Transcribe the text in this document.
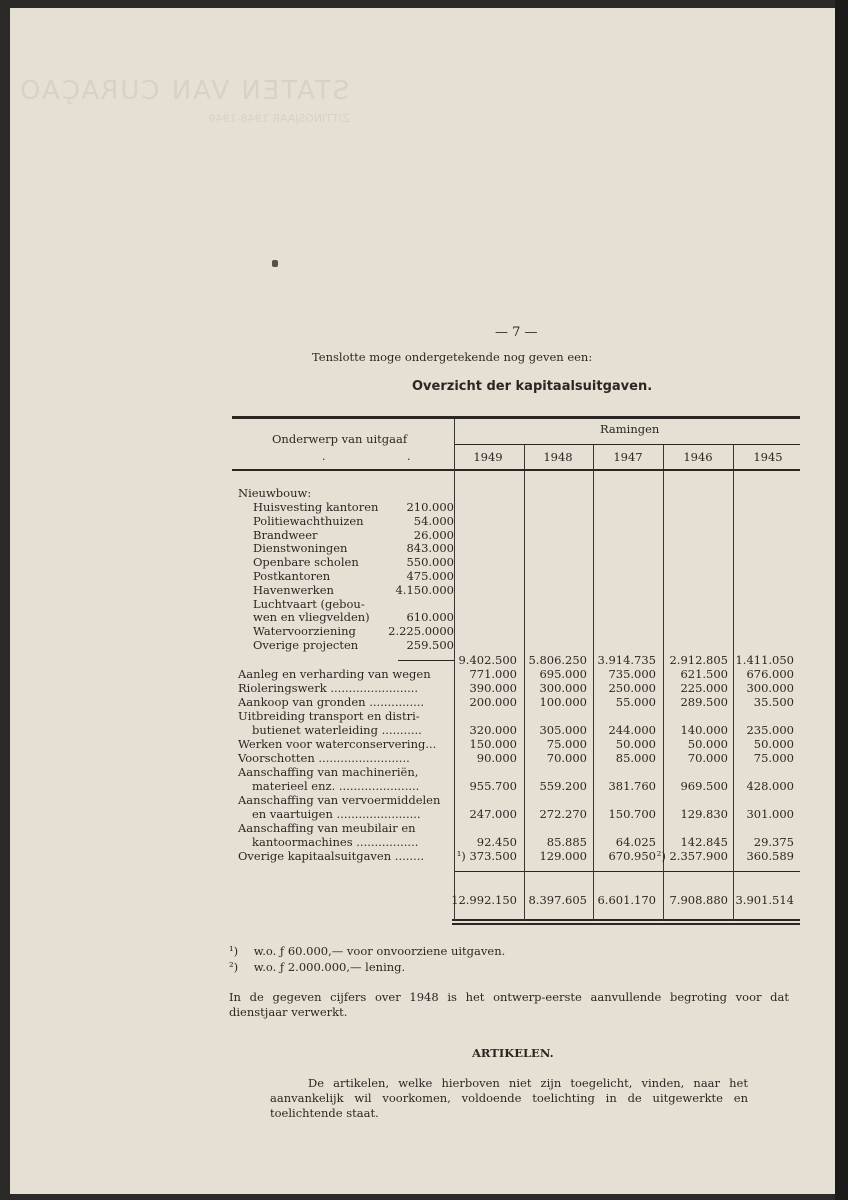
STATEN VAN CURAÇAO
ZITTINGSJAAR 1948-1949
— 7 —
Tenslotte moge ondergetekende nog geven een:
Overzicht der kapitaalsuitgaven.
Onderwerp van uitgaaf
.	.
Ramingen
1949	1948	1947	1946	1945
Nieuwbouw:
Huisvesting kantoren	210.000
Politiewachthuizen	54.000
Brandweer	26.000
Dienstwoningen	843.000
Openbare scholen	550.000
Postkantoren	475.000
Havenwerken	4.150.000
Luchtvaart (gebou-
wen en vliegvelden)	610.000
Watervoorziening	2.225.0000
Overige projecten	259.500
9.402.500 5.806.250 3.914.735 2.912.805 1.411.050
Aanleg en verharding van wegen	771.000 695.000 735.000 621.500 676.000
Rioleringswerk ........................	390.000 300.000 250.000 225.000 300.000
Aankoop van gronden ...............	200.000 100.000	55.000 289.500 35.500
Uitbreiding transport en distri-
butienet waterleiding ...........	320.000 305.000 244.000 140.000 235.000
Werken voor waterconservering...	150.000	75.000	50.000	50.000 50.000
Voorschotten .........................	90.000	70.000	85.000	70.000 75.000
Aanschaffing van machineriën,
materieel enz. ......................	955.700 559.200 381.760 969.500 428.000
Aanschaffing van vervoermiddelen
en vaartuigen .......................	247.000 272.270 150.700 129.830 301.000
Aanschaffing van meubilair en
kantoormachines .................	92.450	85.885	64.025 142.845 29.375
Overige kapitaalsuitgaven ........	¹) 373.500 129.000 670.950 ²) 2.357.900 360.589
12.992.150 8.397.605 6.601.170 7.908.880 3.901.514
¹) w.o. ƒ 60.000,— voor onvoorziene uitgaven.
²) w.o. ƒ 2.000.000,— lening.
In de gegeven cijfers over 1948 is het ontwerp-eerste aanvullende begroting voor dat dienstjaar verwerkt.
ARTIKELEN.
De artikelen, welke hierboven niet zijn toegelicht, vinden, naar het aanvankelijk wil voorkomen, voldoende toelichting in de uitgewerkte en toelichtende staat.
